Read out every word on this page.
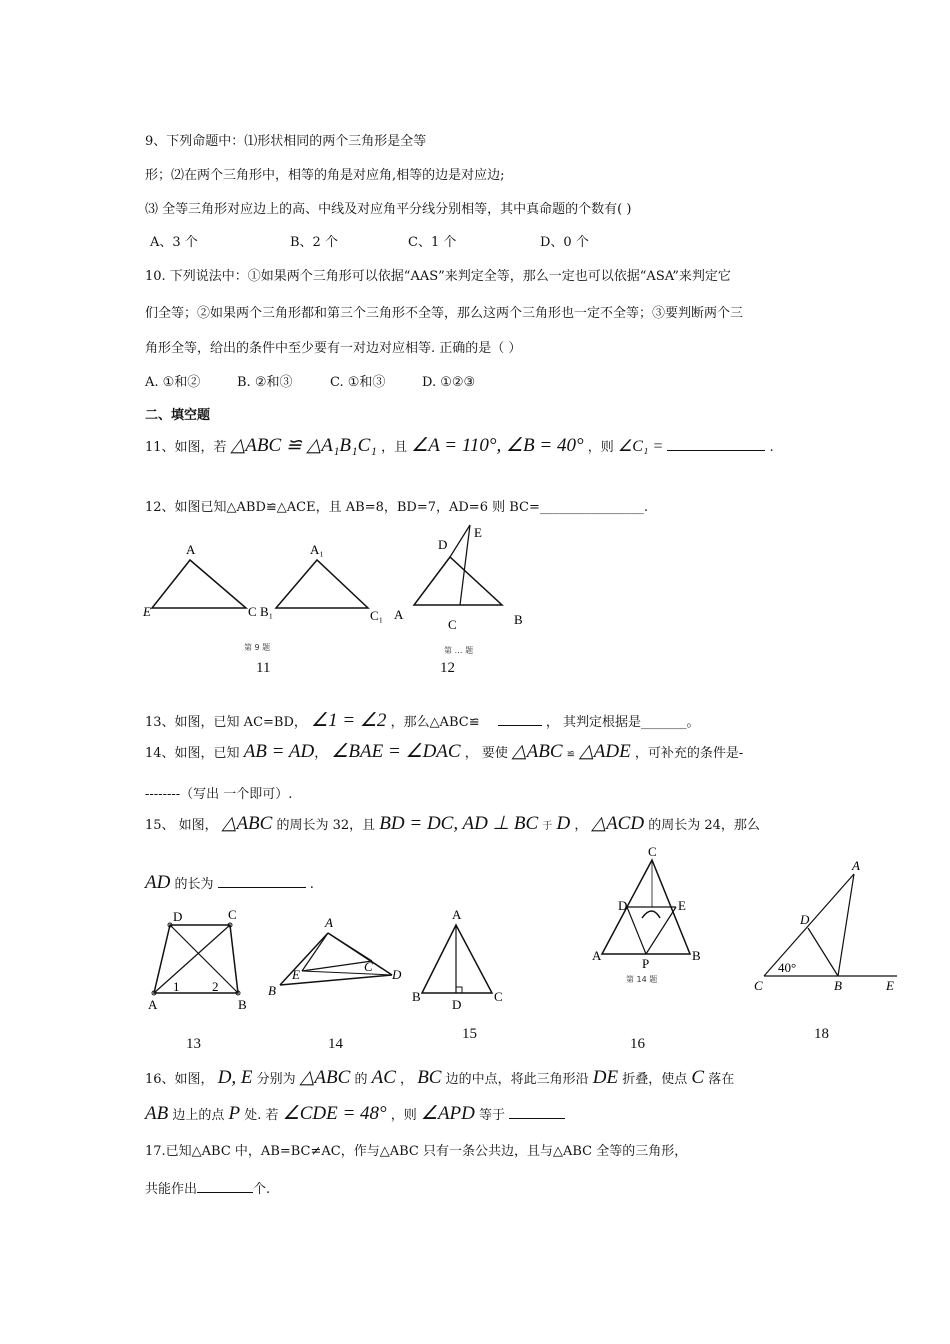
9、下列命题中：⑴形状相同的两个三角形是全等
形；⑵在两个三角形中，相等的角是对应角,相等的边是对应边;
⑶ 全等三角形对应边上的高、中线及对应角平分线分别相等，其中真命题的个数有( )
A、3 个	B、2 个	C、1 个	D、0 个
10. 下列说法中：①如果两个三角形可以依据“AAS”来判定全等，那么一定也可以依据“ASA”来判定它
们全等；②如果两个三角形都和第三个三角形不全等，那么这两个三角形也一定不全等；③要判断两个三
角形全等，给出的条件中至少要有一对边对应相等. 正确的是（ ）
A. ①和②	B. ②和③	C. ①和③	D. ①②③
二、填空题
11、如图，若 △ABC ≌ △A₁B₁C₁ ，且 ∠A = 110°, ∠B = 40° ，则 ∠C₁ =	.
12、如图已知△ABD≌△ACE，且 AB=8，BD=7，AD=6 则 BC=________________.
A
E	C B₁
A₁
C₁
第 9 题
11
D
E
A
C	B
第 … 题
12
13、如图，已知 AC=BD， ∠1 = ∠2 ，那么△ABC≌	， 其判定根据是_______。
14、如图，已知 AB = AD， ∠BAE = ∠DAC ， 要使 △ABC ≌ △ADE ，可补充的条件是-
--------（写出 一个即可）.
15、 如图， △ABC 的周长为 32，且 BD = DC, AD ⊥ BC 于 D ， △ACD 的周长为 24，那么
AD 的长为	.
D	C
A	B
1	2
13
A
E
C
D
B
14
A
B
D
C
15
C
D	E
A
P
B
第 14 题
16
A
D
40°
C	B	E
18
16、如图， D, E 分别为 △ABC 的 AC ， BC 边的中点，将此三角形沿 DE 折叠，使点 C 落在
AB 边上的点 P 处. 若 ∠CDE = 48° ，则 ∠APD 等于
17.已知△ABC 中，AB=BC≠AC，作与△ABC 只有一条公共边，且与△ABC 全等的三角形，
共能作出	个.
